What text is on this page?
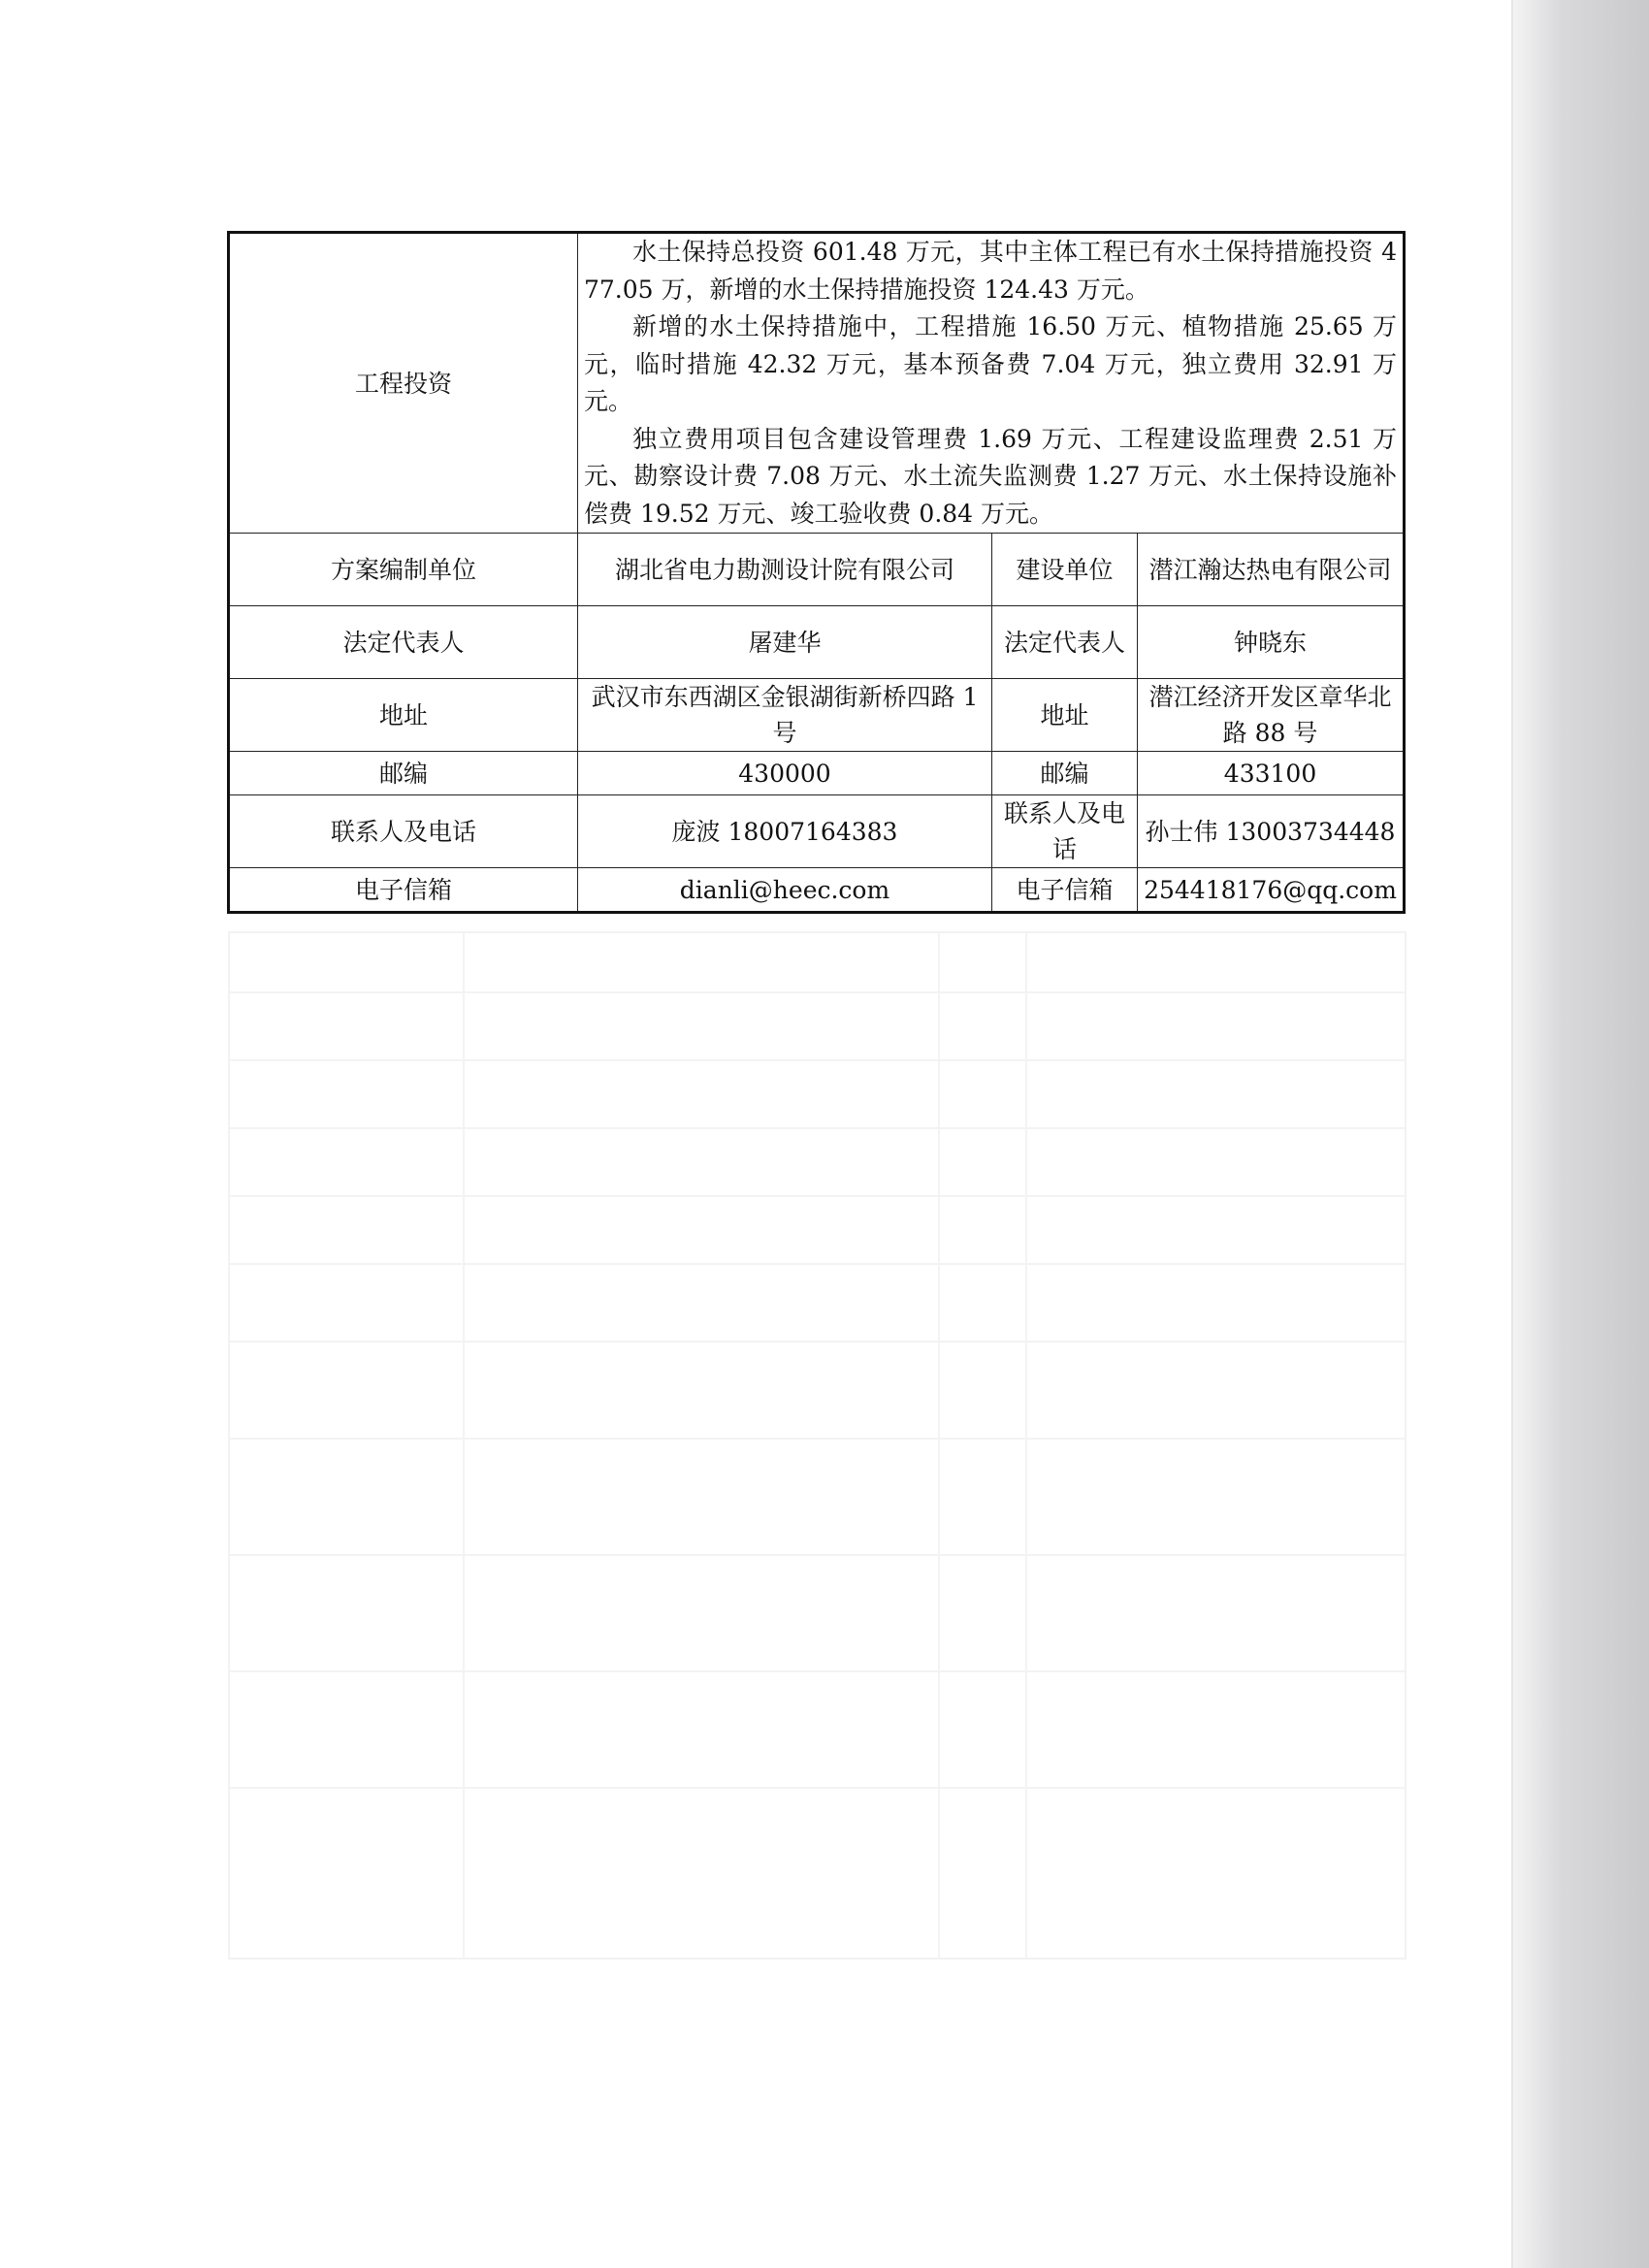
工程投资	水土保持总投资 601.48 万元，其中主体工程已有水土保持措施投资 477.05 万，新增的水土保持措施投资 124.43 万元。

新增的水土保持措施中，工程措施 16.50 万元、植物措施 25.65 万元，临时措施 42.32 万元，基本预备费 7.04 万元，独立费用 32.91 万元。

独立费用项目包含建设管理费 1.69 万元、工程建设监理费 2.51 万元、勘察设计费 7.08 万元、水土流失监测费 1.27 万元、水土保持设施补偿费 19.52 万元、竣工验收费 0.84 万元。		

方案编制单位	湖北省电力勘测设计院有限公司	建设单位	潜江瀚达热电有限公司
法定代表人	屠建华	法定代表人	钟晓东
地址	武汉市东西湖区金银湖街新桥四路 1 号	地址	潜江经济开发区章华北路 88 号
邮编	430000	邮编	433100
联系人及电话	庞波 18007164383	联系人及电话	孙士伟 13003734448
电子信箱	dianli@heec.com	电子信箱	254418176@qq.com
